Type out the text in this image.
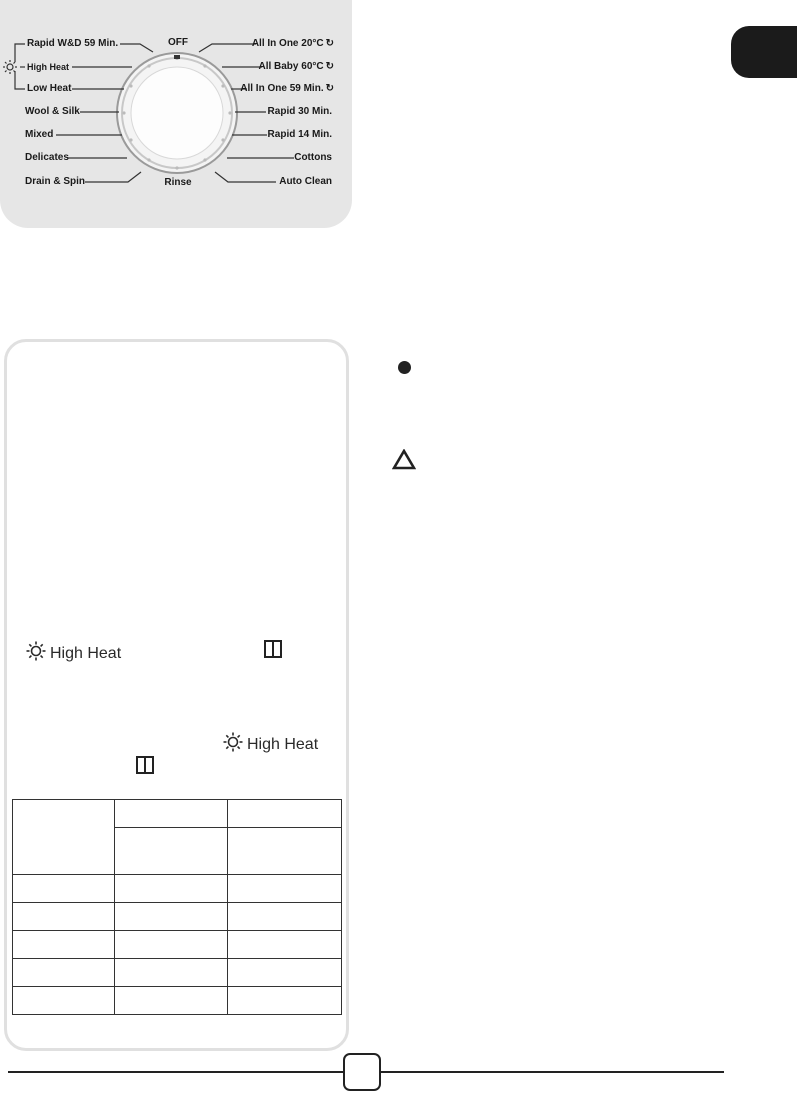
OFF
Rinse
Rapid W&D 59 Min.
High Heat
Low Heat
Wool & Silk
Mixed
Delicates
Drain & Spin
All In One 20°C ↻
All Baby 60°C ↻
All In One 59 Min. ↻
Rapid 30 Min.
Rapid 14 Min.
Cottons
Auto Clean
High Heat
High Heat
